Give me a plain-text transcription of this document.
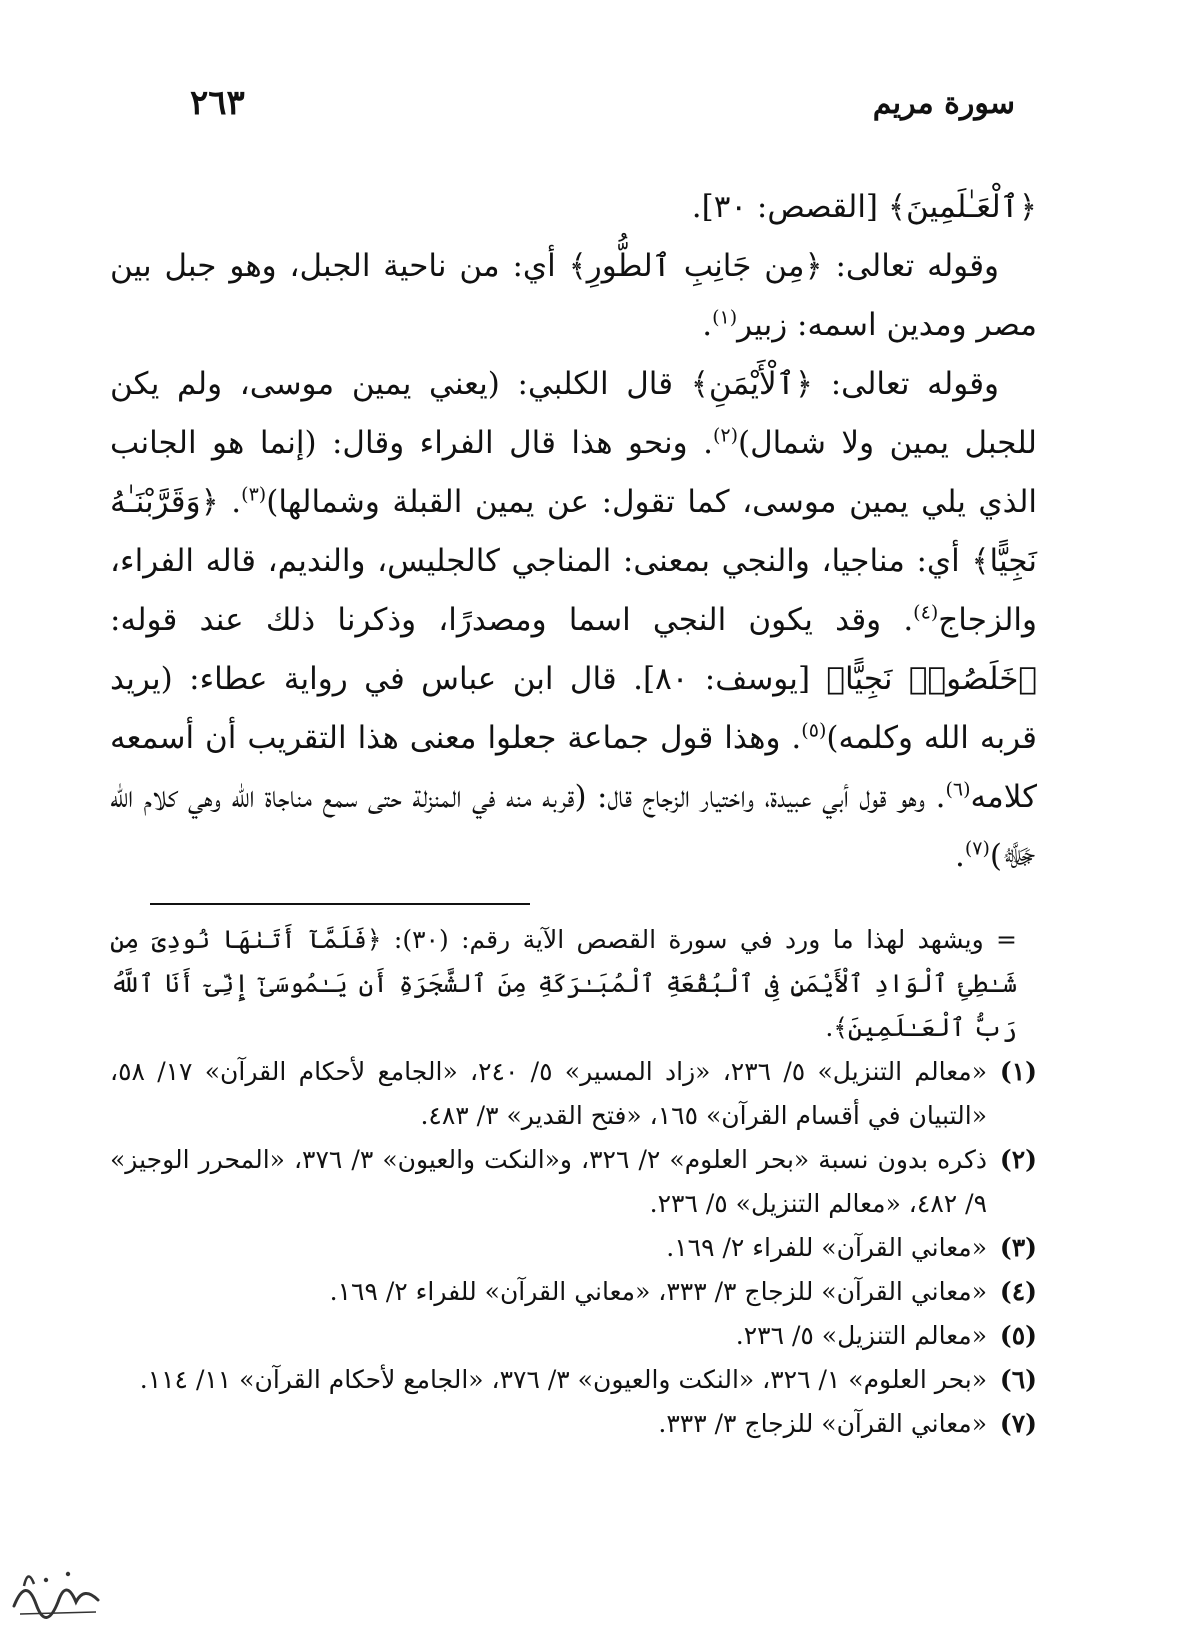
سورة مريم
٢٦٣

﴿ٱلْعَـٰلَمِينَ﴾ [القصص: ٣٠].

وقوله تعالى: ﴿مِن جَانِبِ ٱلطُّورِ﴾ أي: من ناحية الجبل، وهو جبل بين مصر ومدين اسمه: زبير$^{(١)}$.

وقوله تعالى: ﴿ٱلْأَيْمَنِ﴾ قال الكلبي: (يعني يمين موسى، ولم يكن للجبل يمين ولا شمال)$^{(٢)}$. ونحو هذا قال الفراء وقال: (إنما هو الجانب الذي يلي يمين موسى، كما تقول: عن يمين القبلة وشمالها)$^{(٣)}$. ﴿وَقَرَّبْنَـٰهُ نَجِيًّا﴾ أي: مناجيا، والنجي بمعنى: المناجي كالجليس، والنديم، قاله الفراء، والزجاج$^{(٤)}$. وقد يكون النجي اسما ومصدرًا، وذكرنا ذلك عند قوله: ﴿خَلَصُوا۟ نَجِيًّا﴾ [يوسف: ٨٠]. قال ابن عباس في رواية عطاء: (يريد قربه الله وكلمه)$^{(٥)}$. وهذا قول جماعة جعلوا معنى هذا التقريب أن أسمعه كلامه$^{(٦)}$. وهو قول أبي عبيدة، واختيار الزجاج قال: (قربه منه في المنزلة حتى سمع مناجاة الله وهي كلام الله ﷻ)$^{(٧)}$.

= ويشهد لهذا ما ورد في سورة القصص الآية رقم: (٣٠): ﴿فَلَمَّآ أَتَىٰهَا نُودِىَ مِن شَـٰطِئِ ٱلْوَادِ ٱلْأَيْمَنِ فِى ٱلْبُقْعَةِ ٱلْمُبَـٰرَكَةِ مِنَ ٱلشَّجَرَةِ أَن يَـٰمُوسَىٰٓ إِنِّىٓ أَنَا ٱللَّهُ رَبُّ ٱلْعَـٰلَمِينَ﴾.
(١)
«معالم التنزيل» ٥/ ٢٣٦، «زاد المسير» ٥/ ٢٤٠، «الجامع لأحكام القرآن» ١٧/ ٥٨، «التبيان في أقسام القرآن» ١٦٥، «فتح القدير» ٣/ ٤٨٣.
(٢)
ذكره بدون نسبة «بحر العلوم» ٢/ ٣٢٦، و«النكت والعيون» ٣/ ٣٧٦، «المحرر الوجيز» ٩/ ٤٨٢، «معالم التنزيل» ٥/ ٢٣٦.
(٣)
«معاني القرآن» للفراء ٢/ ١٦٩.
(٤)
«معاني القرآن» للزجاج ٣/ ٣٣٣، «معاني القرآن» للفراء ٢/ ١٦٩.
(٥)
«معالم التنزيل» ٥/ ٢٣٦.
(٦)
«بحر العلوم» ١/ ٣٢٦، «النكت والعيون» ٣/ ٣٧٦، «الجامع لأحكام القرآن» ١١/ ١١٤.
(٧)
«معاني القرآن» للزجاج ٣/ ٣٣٣.
